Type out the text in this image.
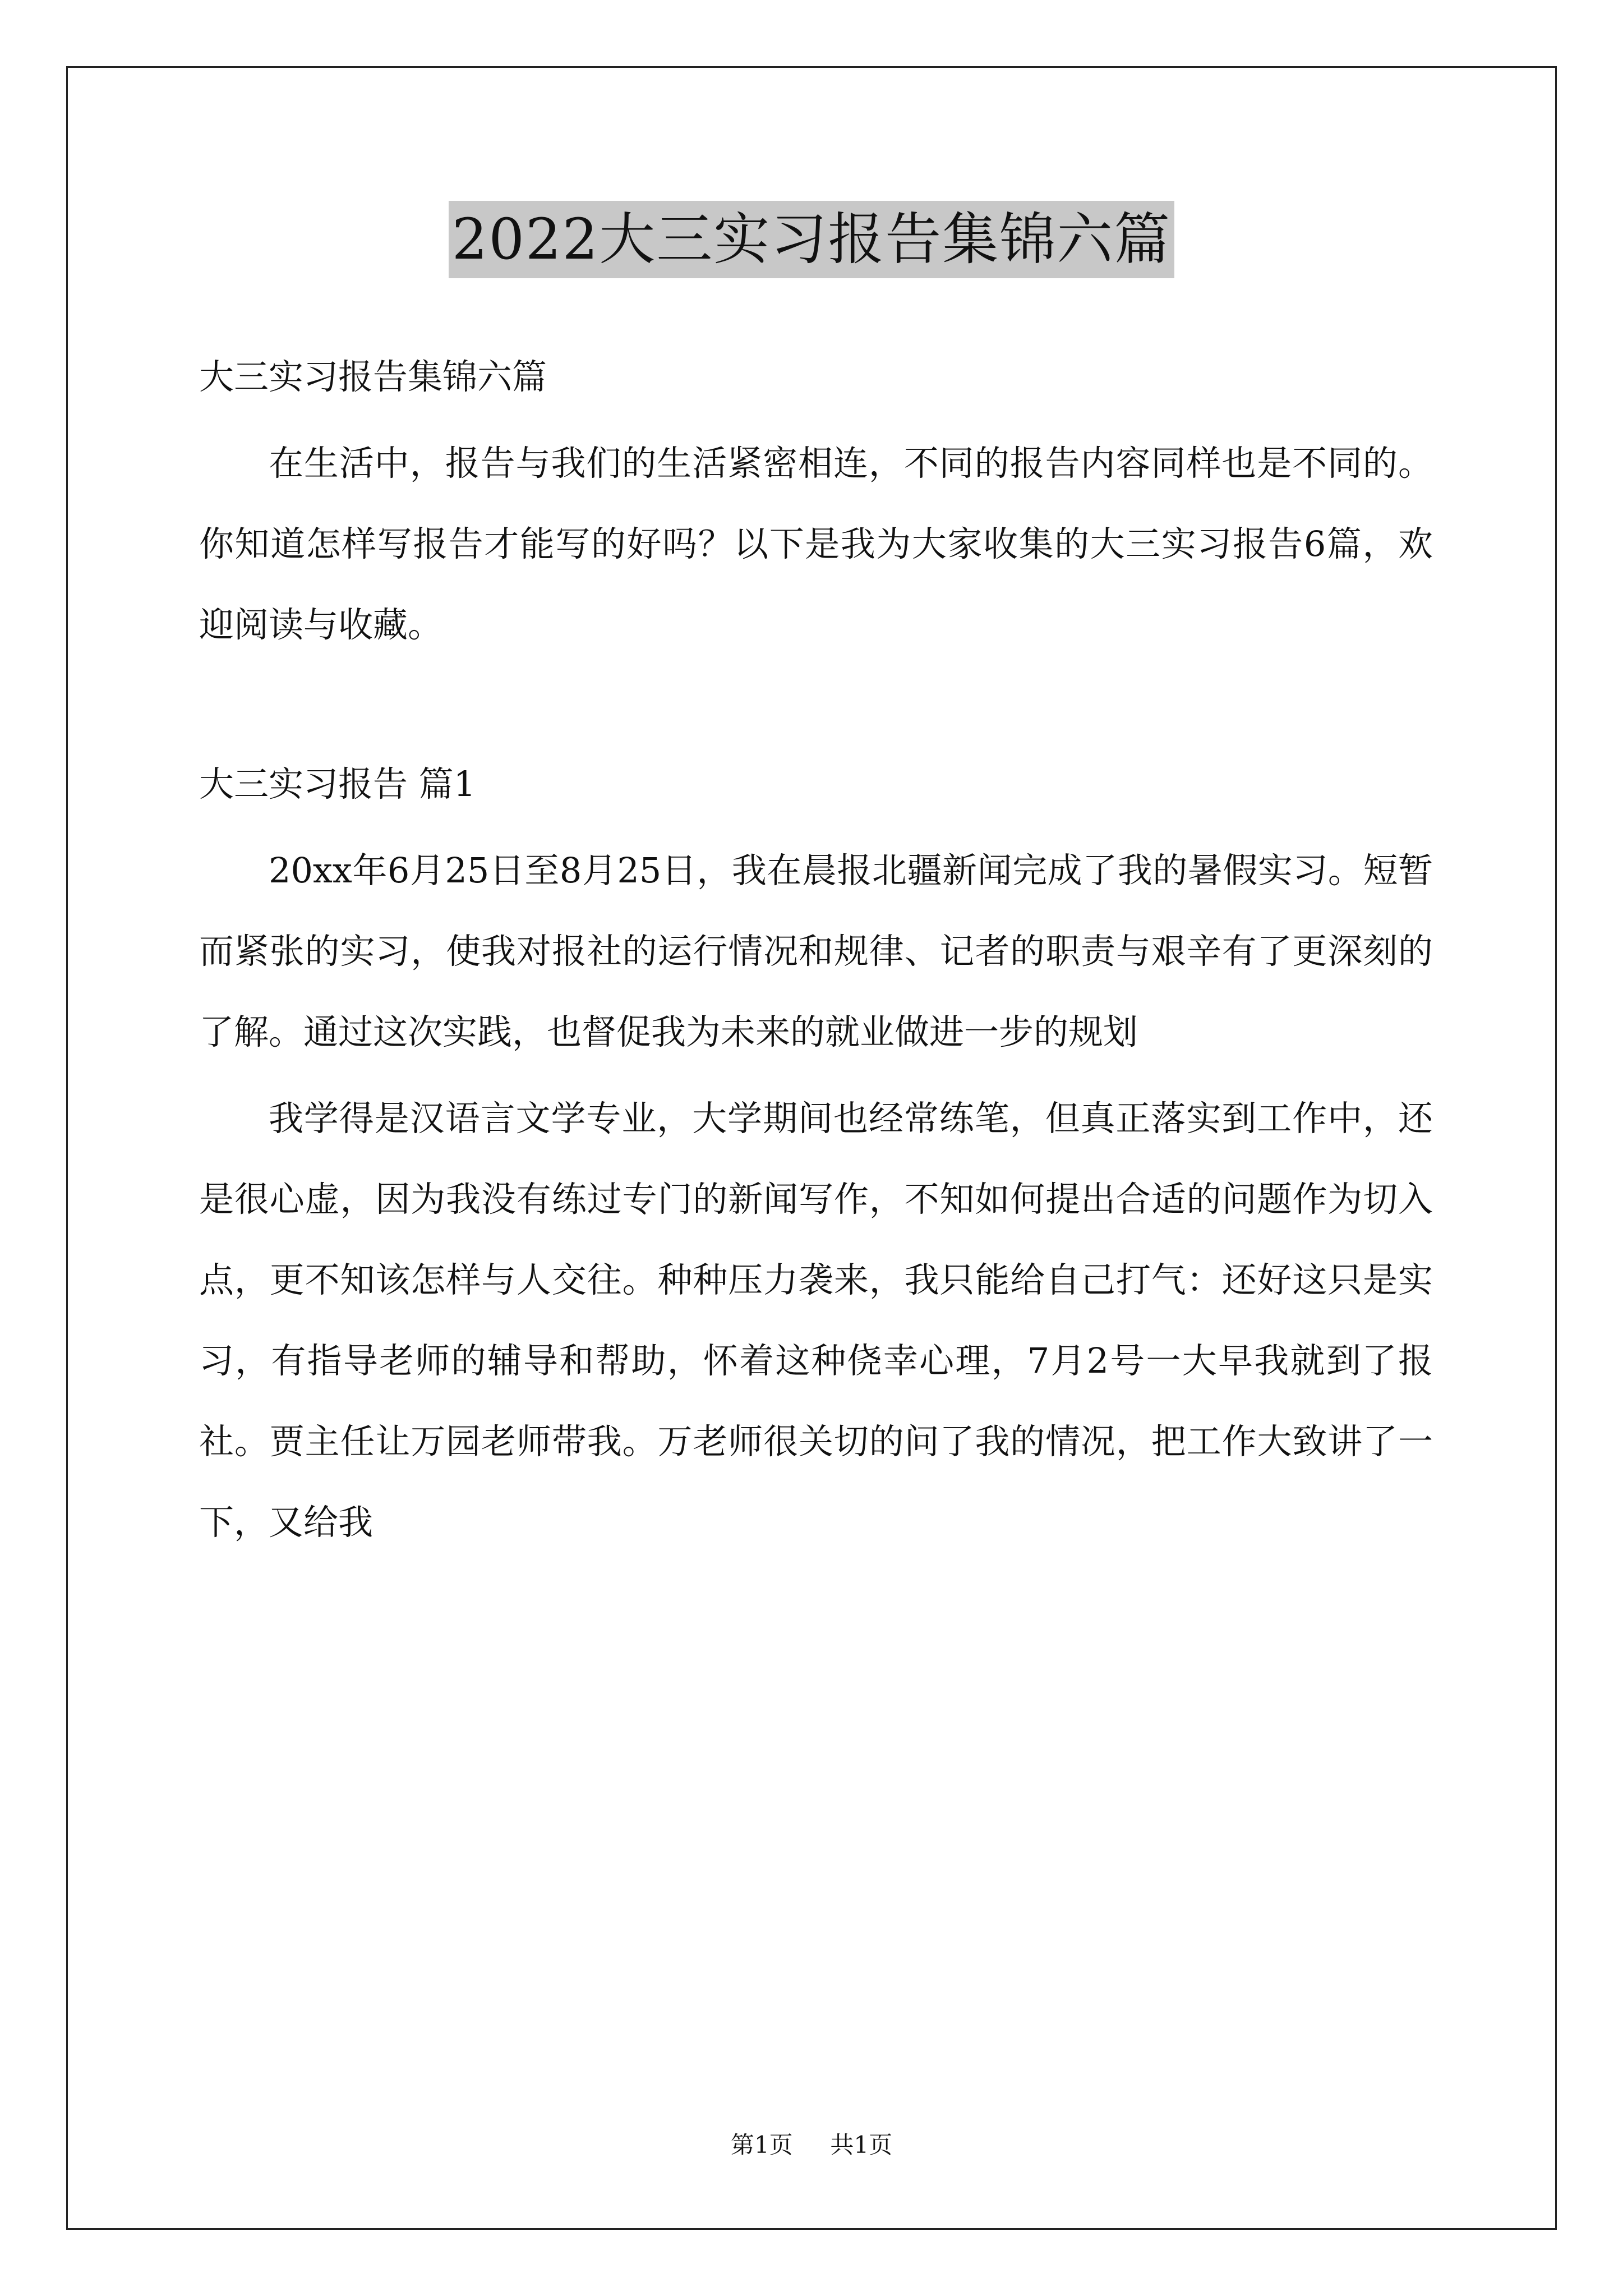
2022大三实习报告集锦六篇

大三实习报告集锦六篇

在生活中，报告与我们的生活紧密相连，不同的报告内容同样也是不同的。你知道怎样写报告才能写的好吗？以下是我为大家收集的大三实习报告6篇，欢迎阅读与收藏。

大三实习报告 篇1

20xx年6月25日至8月25日，我在晨报北疆新闻完成了我的暑假实习。短暂而紧张的实习，使我对报社的运行情况和规律、记者的职责与艰辛有了更深刻的了解。通过这次实践，也督促我为未来的就业做进一步的规划

我学得是汉语言文学专业，大学期间也经常练笔，但真正落实到工作中，还是很心虚，因为我没有练过专门的新闻写作，不知如何提出合适的问题作为切入点，更不知该怎样与人交往。种种压力袭来，我只能给自己打气：还好这只是实习，有指导老师的辅导和帮助，怀着这种侥幸心理，7月2号一大早我就到了报社。贾主任让万园老师带我。万老师很关切的问了我的情况，把工作大致讲了一下，又给我

第1页 共1页
